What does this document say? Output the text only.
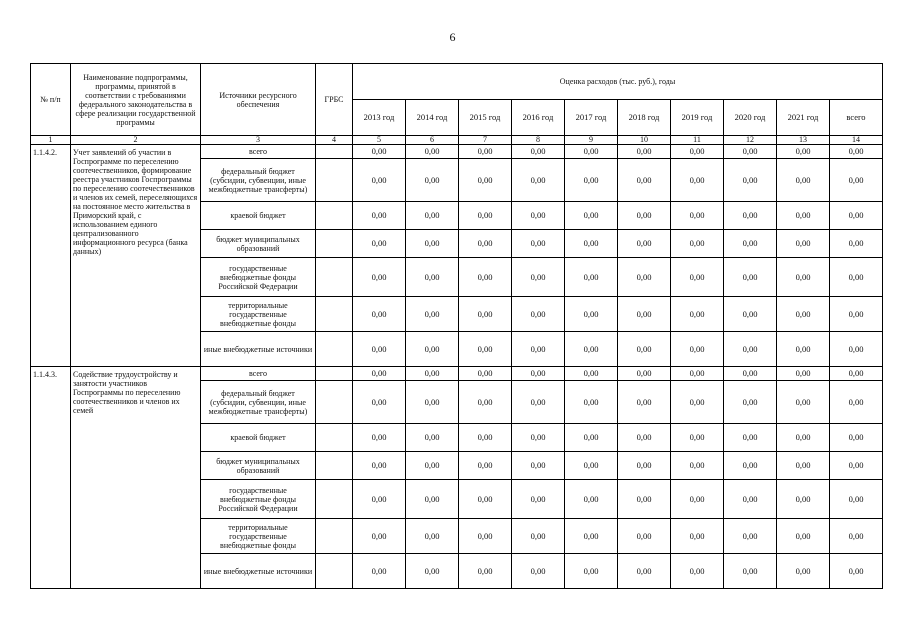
6
№ п/п	Наименование подпрограммы, программы, принятой в соответствии с требованиями федерального законодательства в сфере реализации государственной программы	Источники ресурсного обеспечения	ГРБС	Оценка расходов (тыс. руб.), годы									
				2013 год	2014 год	2015 год	2016 год	2017 год	2018 год	2019 год	2020 год	2021 год	всего
1	2	3	4	5	6	7	8	9	10	11	12	13	14
1.1.4.2.	Учет заявлений об участии в Госпрограмме по переселению соотечественников, формирование реестра участников Госпрограммы по переселению соотечественников и членов их семей, переселяющихся на постоянное место жительства в Приморский край, с использованием единого централизованного информационного ресурса (банка данных)	всего		0,00	0,00	0,00	0,00	0,00	0,00	0,00	0,00	0,00	0,00
		федеральный бюджет (субсидии, субвенции, иные межбюджетные трансферты)		0,00	0,00	0,00	0,00	0,00	0,00	0,00	0,00	0,00	0,00
		краевой бюджет		0,00	0,00	0,00	0,00	0,00	0,00	0,00	0,00	0,00	0,00
		бюджет муниципальных образований		0,00	0,00	0,00	0,00	0,00	0,00	0,00	0,00	0,00	0,00
		государственные внебюджетные фонды Российской Федерации		0,00	0,00	0,00	0,00	0,00	0,00	0,00	0,00	0,00	0,00
		территориальные государственные внебюджетные фонды		0,00	0,00	0,00	0,00	0,00	0,00	0,00	0,00	0,00	0,00
		иные внебюджетные источники		0,00	0,00	0,00	0,00	0,00	0,00	0,00	0,00	0,00	0,00
1.1.4.3.	Содействие трудоустройству и занятости участников Госпрограммы по переселению соотечественников и членов их семей	всего		0,00	0,00	0,00	0,00	0,00	0,00	0,00	0,00	0,00	0,00
		федеральный бюджет (субсидии, субвенции, иные межбюджетные трансферты)		0,00	0,00	0,00	0,00	0,00	0,00	0,00	0,00	0,00	0,00
		краевой бюджет		0,00	0,00	0,00	0,00	0,00	0,00	0,00	0,00	0,00	0,00
		бюджет муниципальных образований		0,00	0,00	0,00	0,00	0,00	0,00	0,00	0,00	0,00	0,00
		государственные внебюджетные фонды Российской Федерации		0,00	0,00	0,00	0,00	0,00	0,00	0,00	0,00	0,00	0,00
		территориальные государственные внебюджетные фонды		0,00	0,00	0,00	0,00	0,00	0,00	0,00	0,00	0,00	0,00
		иные внебюджетные источники		0,00	0,00	0,00	0,00	0,00	0,00	0,00	0,00	0,00	0,00
